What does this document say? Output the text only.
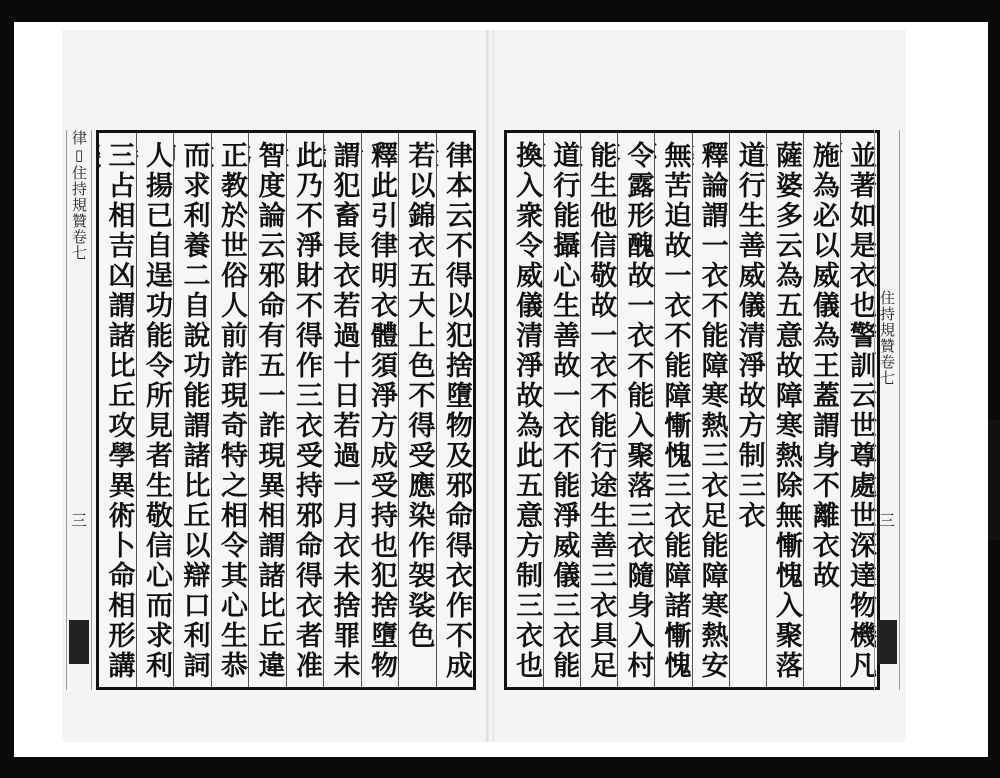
律▯住持規贊卷七
三
律本云不得以犯捨墮物及邪命得衣作不成
若以錦衣五大上色不得受應染作袈裟色
釋此引律明衣體須淨方成受持也犯捨墮物
謂犯畜長衣若過十日若過一月衣未捨罪未
此乃不淨財不得作三衣受持邪命得衣者准
智度論云邪命有五一詐現異相謂諸比丘違
正教於世俗人前詐現奇特之相令其心生恭
而求利養二自說功能謂諸比丘以辯口利詞
人揚已自逞功能令所見者生敬信心而求利
三占相吉凶謂諸比丘攻學異術卜命相形講
並著如是衣也警訓云世尊處世深達物機凡
施為必以威儀為王蓋謂身不離衣故
薩婆多云為五意故障寒熱除無慚愧入聚落
道行生善威儀清淨故方制三衣
釋論謂一衣不能障寒熱三衣足能障寒熱安
無苦迫故一衣不能障慚愧三衣能障諸慚愧
令露形醜故一衣不能入聚落三衣隨身入村
能生他信敬故一衣不能行途生善三衣具足
道行能攝心生善故一衣不能淨威儀三衣能
換入衆令威儀清淨故為此五意方制三衣也	住持規贊卷七
三
